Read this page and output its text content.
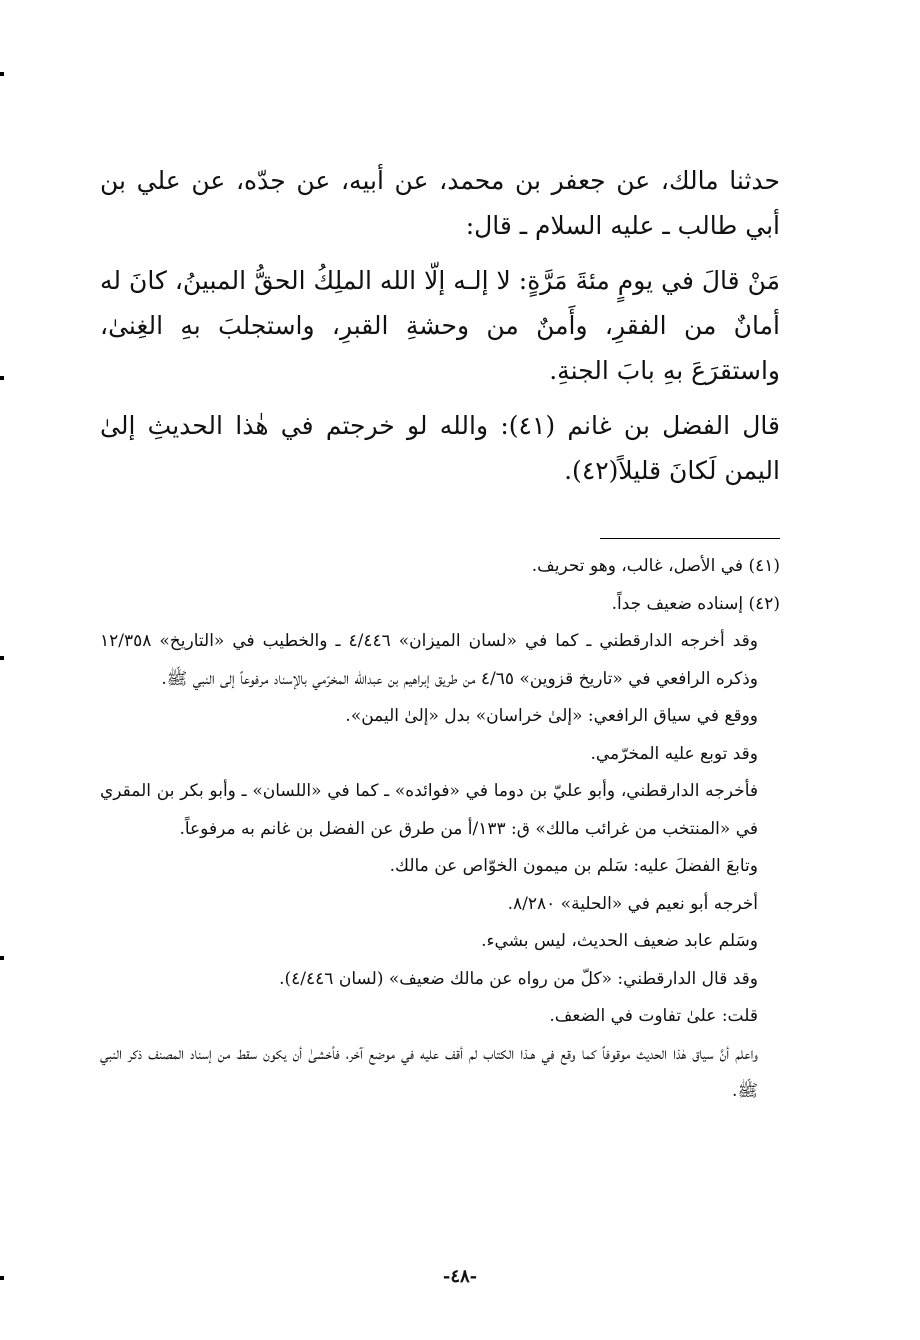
حدثنا مالك، عن جعفر بن محمد، عن أبيه، عن جدّه، عن علي بن أبي طالب ـ عليه السلام ـ قال:

مَنْ قالَ في يومٍ مئةَ مَرَّةٍ: لا إلـه إلّا الله الملِكُ الحقُّ المبينُ، كانَ له أمانٌ من الفقرِ، وأَمنٌ من وحشةِ القبرِ، واستجلبَ بهِ الغِنىٰ، واستقرَعَ بهِ بابَ الجنةِ.

قال الفضل بن غانم (٤١): والله لو خرجتم في هٰذا الحديثِ إلىٰ اليمن لَكانَ قليلاً(٤٢).

(٤١) في الأصل، غالب، وهو تحريف.

(٤٢) إسناده ضعيف جداً.

وقد أخرجه الدارقطني ـ كما في «لسان الميزان» ٤/٤٤٦ ـ والخطيب في «التاريخ» ١٢/٣٥٨ وذكره الرافعي في «تاريخ قزوين» ٤/٦٥ من طريق إبراهيم بن عبدالله المخرّمي بالإسناد مرفوعاً إلى النبي ﷺ.

ووقع في سياق الرافعي: «إلىٰ خراسان» بدل «إلىٰ اليمن».

وقد توبع عليه المخرّمي.

فأخرجه الدارقطني، وأبو عليّ بن دوما في «فوائده» ـ كما في «اللسان» ـ وأبو بكر بن المقري في «المنتخب من غرائب مالك» ق: ١٣٣/أ من طرق عن الفضل بن غانم به مرفوعاً.

وتابعَ الفضلَ عليه: سَلم بن ميمون الخوّاص عن مالك.

أخرجه أبو نعيم في «الحلية» ٨/٢٨٠.

وسَلم عابد ضعيف الحديث، ليس بشيء.

وقد قال الدارقطني: «كلّ من رواه عن مالك ضعيف» (لسان ٤/٤٤٦).

قلت: علىٰ تفاوت في الضعف.

واعلم أنَّ سياق هٰذا الحديث موقوفاً كما وقع في هـذا الكتاب لم أقف عليه في موضع آخر، فأخشىٰ أن يكون سقط من إسناد المصنف ذكر النبي ﷺ.

-٤٨-
